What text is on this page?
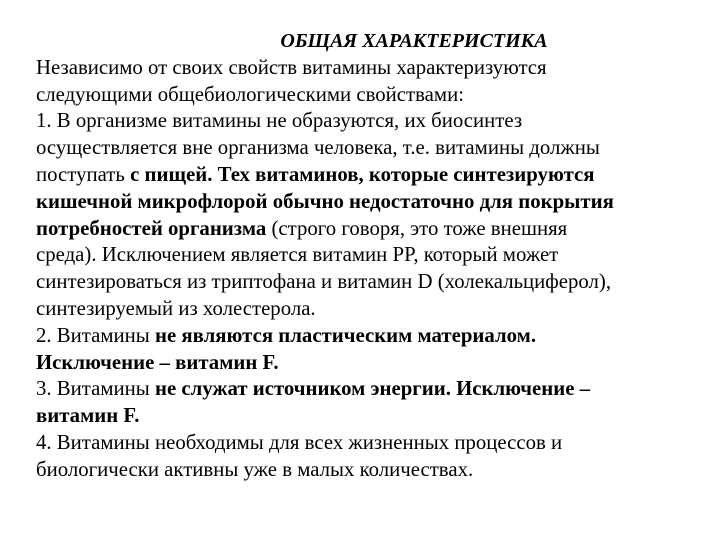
ОБЩАЯ ХАРАКТЕРИСТИКА
Независимо от своих свойств витамины характеризуются
следующими общебиологическими свойствами:
1. В организме витамины не образуются, их биосинтез
осуществляется вне организма человека, т.е. витамины должны
поступать с пищей. Тех витаминов, которые синтезируются
кишечной микрофлорой обычно недостаточно для покрытия
потребностей организма (строго говоря, это тоже внешняя
среда). Исключением является витамин PP, который может
синтезироваться из триптофана и витамин D (холекальциферол),
синтезируемый из холестерола.
2. Витамины не являются пластическим материалом.
Исключение – витамин F.
3. Витамины не служат источником энергии. Исключение –
витамин F.
4. Витамины необходимы для всех жизненных процессов и
биологически активны уже в малых количествах.
